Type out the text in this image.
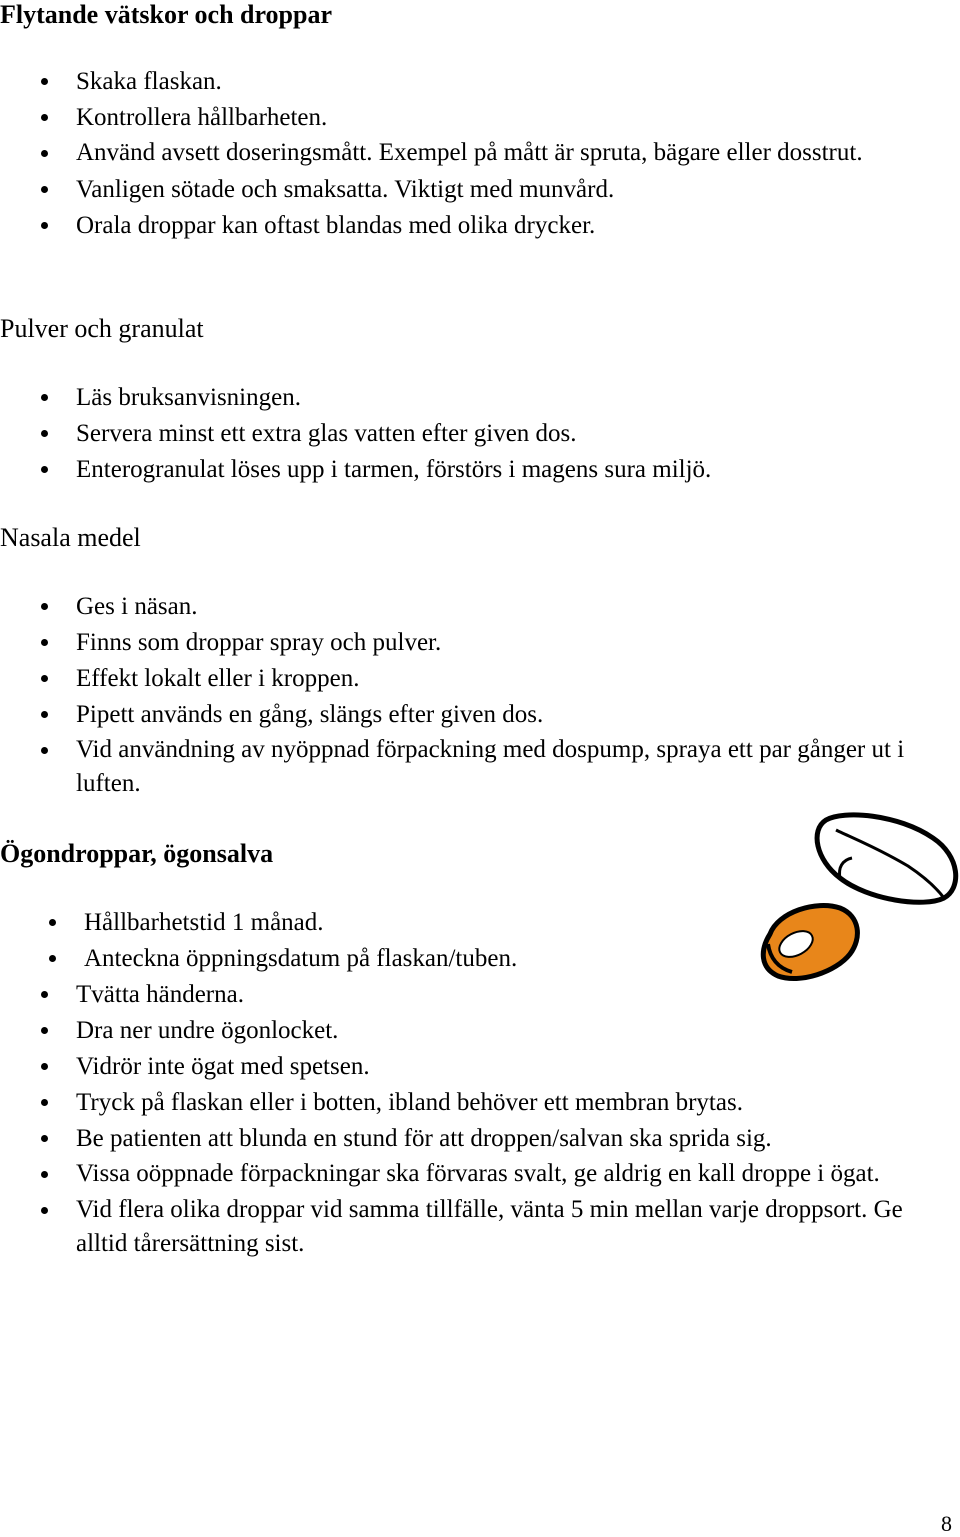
Flytande vätskor och droppar
Skaka flaskan.
Kontrollera hållbarheten.
Använd avsett doseringsmått. Exempel på mått är spruta, bägare eller dosstrut.
Vanligen sötade och smaksatta. Viktigt med munvård.
Orala droppar kan oftast blandas med olika drycker.
Pulver och granulat
Läs bruksanvisningen.
Servera minst ett extra glas vatten efter given dos.
Enterogranulat löses upp i tarmen, förstörs i magens sura miljö.
Nasala medel
Ges i näsan.
Finns som droppar spray och pulver.
Effekt lokalt eller i kroppen.
Pipett används en gång, slängs efter given dos.
Vid användning av nyöppnad förpackning med dospump, spraya ett par gånger ut i luften.
Ögondroppar, ögonsalva
Hållbarhetstid 1 månad.
Anteckna öppningsdatum på flaskan/tuben.
Tvätta händerna.
Dra ner undre ögonlocket.
Vidrör inte ögat med spetsen.
Tryck på flaskan eller i botten, ibland behöver ett membran brytas.
Be patienten att blunda en stund för att droppen/salvan ska sprida sig.
Vissa oöppnade förpackningar ska förvaras svalt, ge aldrig en kall droppe i ögat.
Vid flera olika droppar vid samma tillfälle, vänta 5 min mellan varje droppsort. Ge alltid tårersättning sist.
8
